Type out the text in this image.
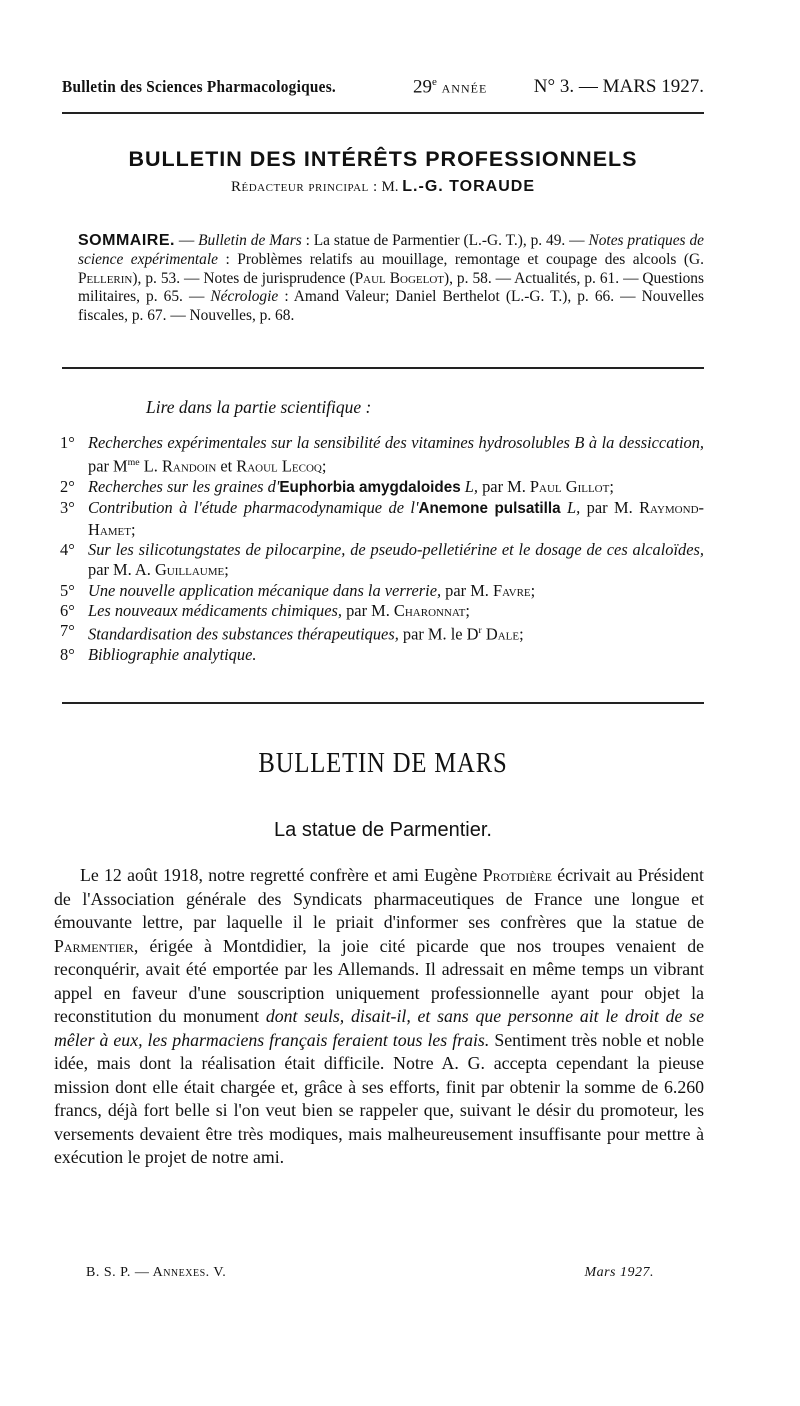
Bulletin des Sciences Pharmacologiques.	29e ANNÉE N° 3. — MARS 1927.
BULLETIN DES INTÉRÊTS PROFESSIONNELS
Rédacteur principal : M. L.-G. TORAUDE
SOMMAIRE. — Bulletin de Mars : La statue de Parmentier (L.-G. T.), p. 49. — Notes pratiques de science expérimentale : Problèmes relatifs au mouillage, remontage et coupage des alcools (G. Pellerin), p. 53. — Notes de jurisprudence (Paul Bogelot), p. 58. — Actualités, p. 61. — Questions militaires, p. 65. — Nécrologie : Amand Valeur; Daniel Berthelot (L.-G. T.), p. 66. — Nouvelles fiscales, p. 67. — Nouvelles, p. 68.
Lire dans la partie scientifique :
1° Recherches expérimentales sur la sensibilité des vitamines hydrosolubles B à la dessiccation, par $M^{me}$ L. Randoin et Raoul Lecoq;
2° Recherches sur les graines d'Euphorbia amygdaloides L, par M. Paul Gillot;
3° Contribution à l'étude pharmacodynamique de l'Anemone pulsatilla L, par M. Raymond-Hamet;
4° Sur les silicotungstates de pilocarpine, de pseudo-pelletiérine et le dosage de ces alcaloïdes, par M. A. Guillaume;
5° Une nouvelle application mécanique dans la verrerie, par M. Favre;
6° Les nouveaux médicaments chimiques, par M. Charonnat;
7° Standardisation des substances thérapeutiques, par M. le $D^r$ Dale;
8° Bibliographie analytique.
BULLETIN DE MARS
La statue de Parmentier.

Le 12 août 1918, notre regretté confrère et ami Eugène Protdière écrivait au Président de l'Association générale des Syndicats pharmaceutiques de France une longue et émouvante lettre, par laquelle il le priait d'informer ses confrères que la statue de Parmentier, érigée à Montdidier, la joie cité picarde que nos troupes venaient de reconquérir, avait été emportée par les Allemands. Il adressait en même temps un vibrant appel en faveur d'une souscription uniquement professionnelle ayant pour objet la reconstitution du monument dont seuls, disait-il, et sans que personne ait le droit de se mêler à eux, les pharmaciens français feraient tous les frais. Sentiment très noble et noble idée, mais dont la réalisation était difficile. Notre A. G. accepta cependant la pieuse mission dont elle était chargée et, grâce à ses efforts, finit par obtenir la somme de 6.260 francs, déjà fort belle si l'on veut bien se rappeler que, suivant le désir du promoteur, les versements devaient être très modiques, mais malheureusement insuffisante pour mettre à exécution le projet de notre ami.

B. S. P. — Annexes. V.	Mars 1927.
